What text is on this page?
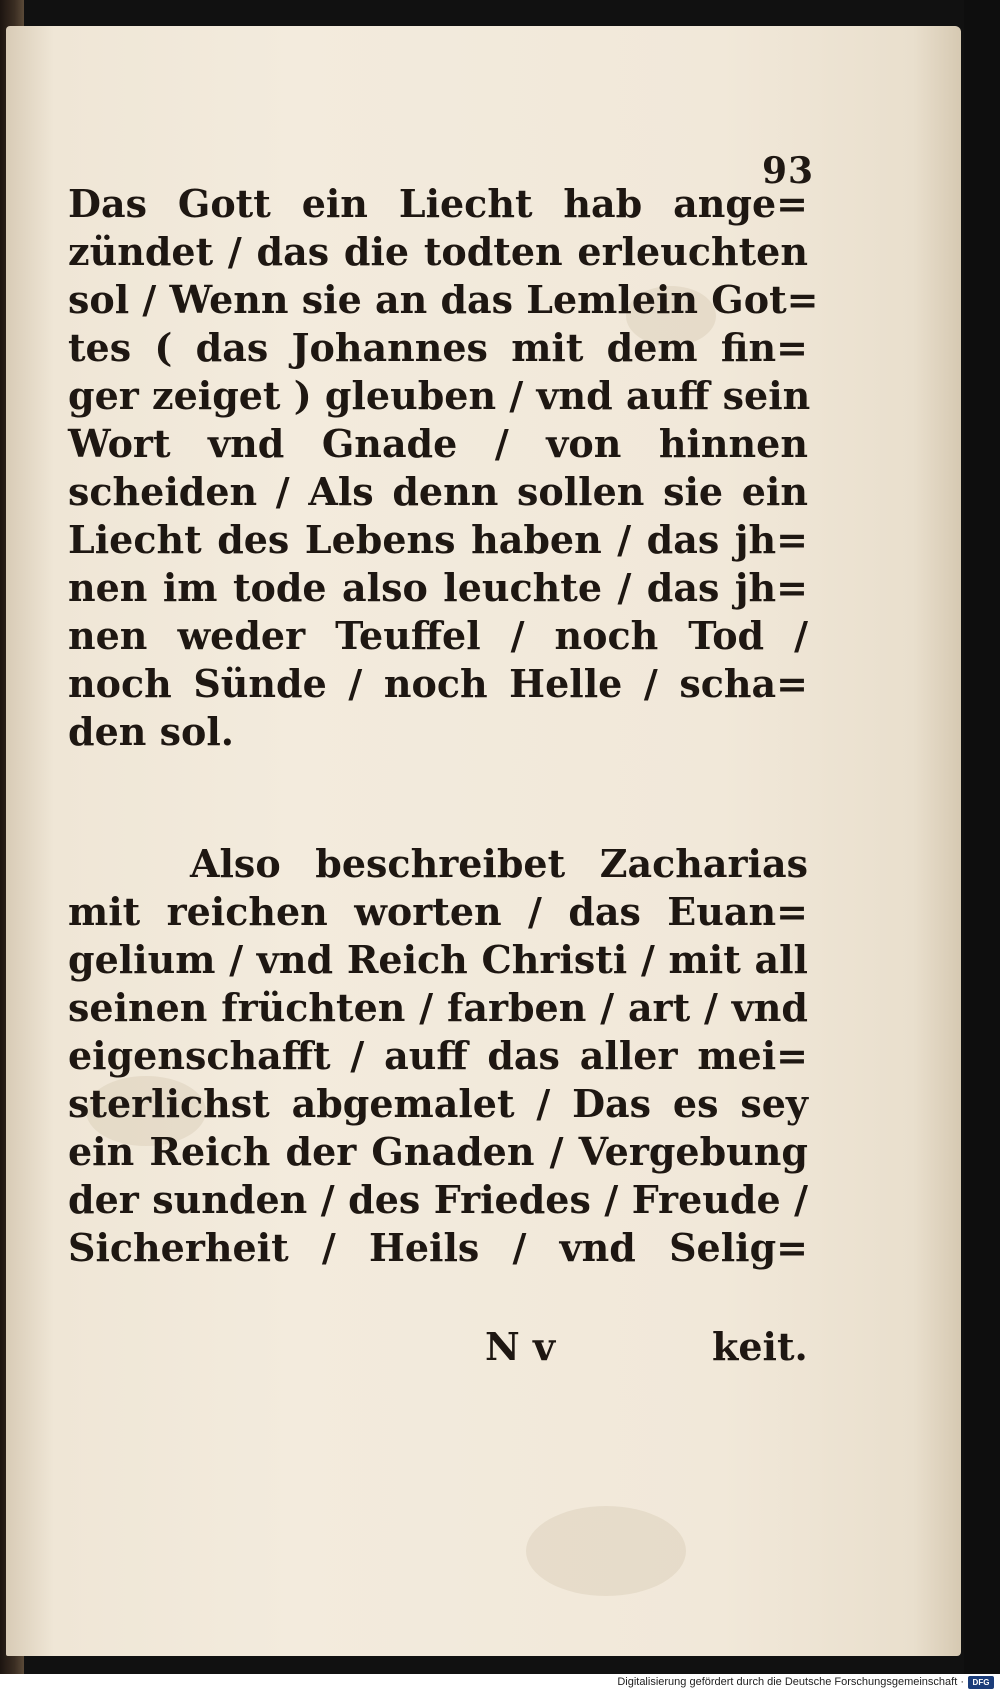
93
Das Gott ein Liecht hab ange=
zündet / das die todten erleuchten
sol / Wenn sie an das Lemlein Got=
tes ( das Johannes mit dem fin=
ger zeiget ) gleuben / vnd auff sein
Wort vnd Gnade / von hinnen
scheiden / Als denn sollen sie ein
Liecht des Lebens haben / das jh=
nen im tode also leuchte / das jh=
nen weder Teuffel / noch Tod /
noch Sünde / noch Helle / scha=
den sol.
Also beschreibet Zacharias
mit reichen worten / das Euan=
gelium / vnd Reich Christi / mit all
seinen früchten / farben / art / vnd
eigenschafft / auff das aller mei=
sterlichst abgemalet / Das es sey
ein Reich der Gnaden / Vergebung
der sunden / des Friedes / Freude /
Sicherheit / Heils / vnd Selig=
N v	keit.
Digitalisierung gefördert durch die Deutsche Forschungsgemeinschaft ·	DFG
